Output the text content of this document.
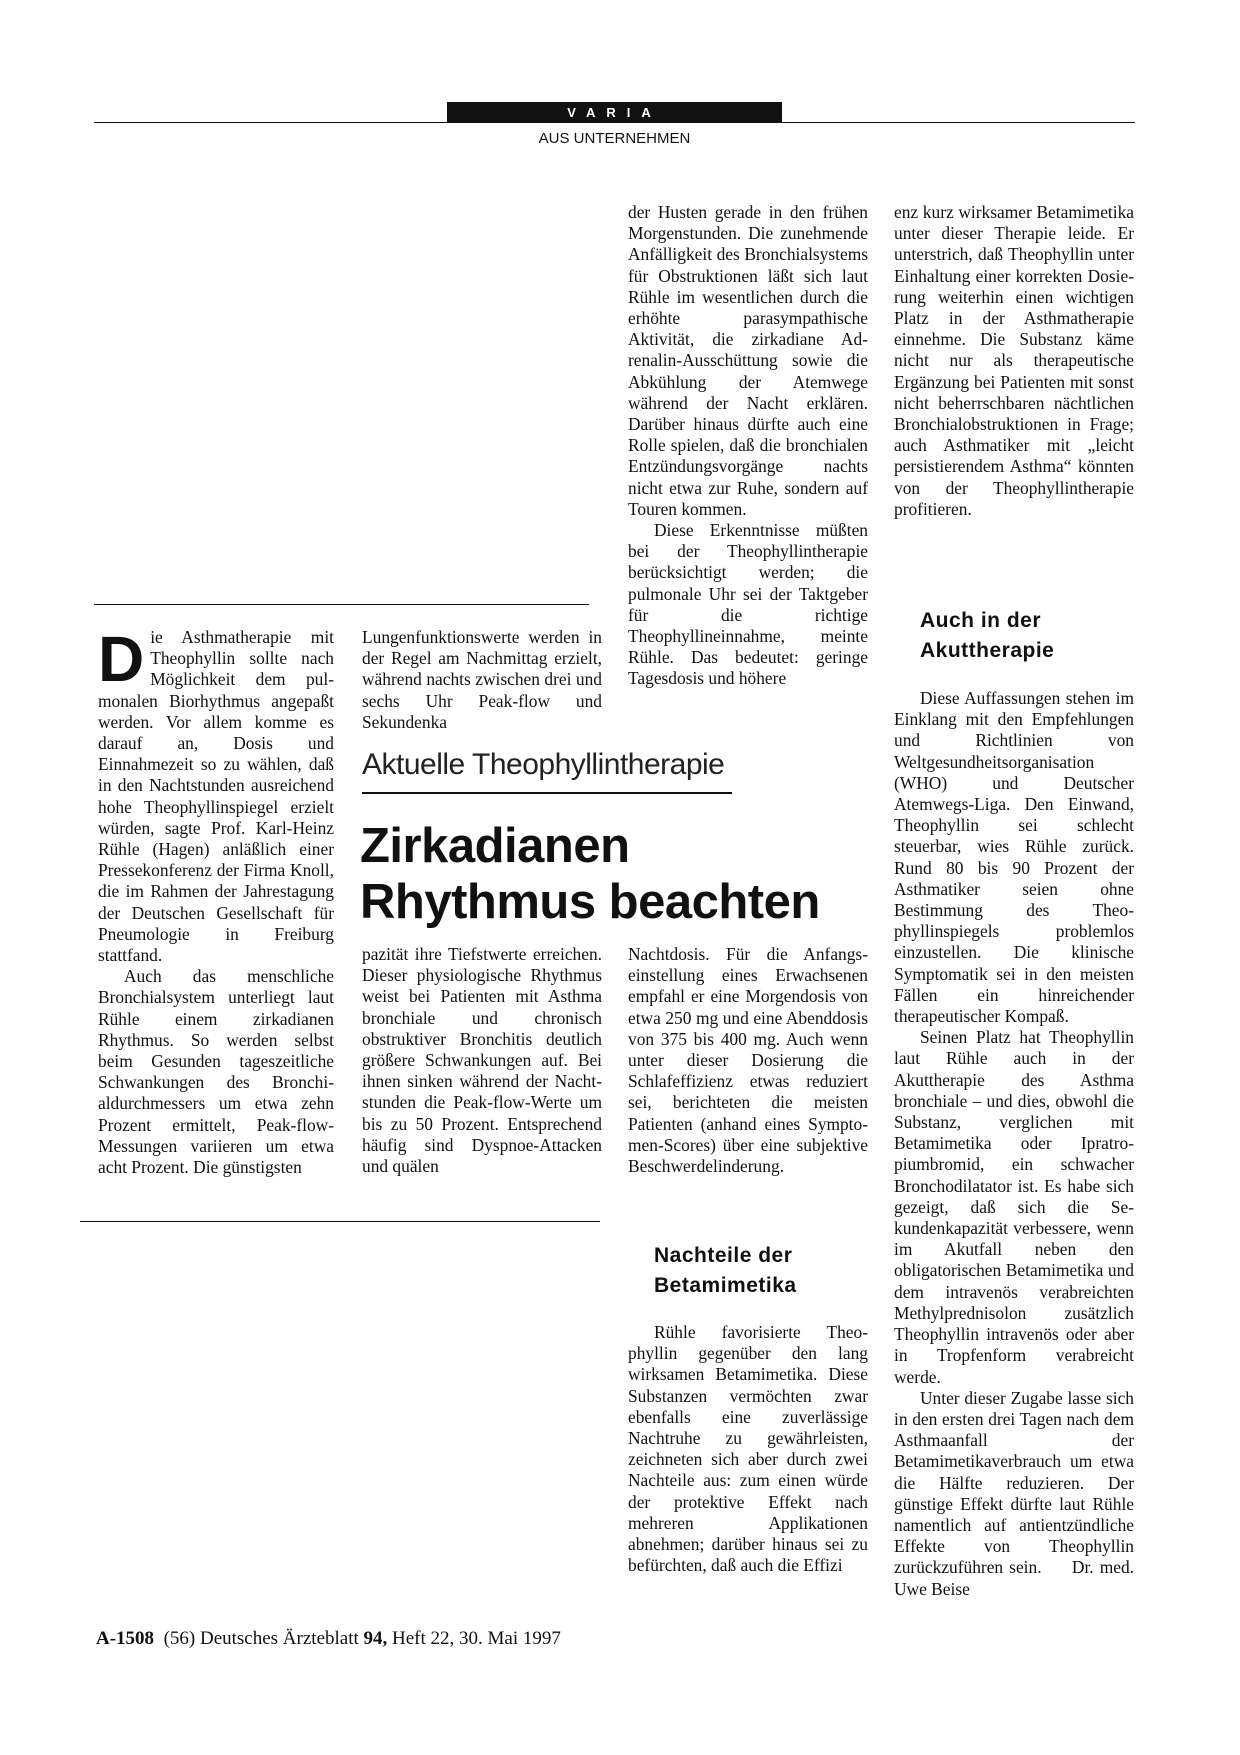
VARIA
AUS UNTERNEHMEN

Die Asthmatherapie mit Theophyllin sollte nach Möglichkeit dem pulmonalen Biorhythmus angepaßt werden. Vor allem komme es darauf an, Dosis und Einnahmezeit so zu wählen, daß in den Nachtstunden ausreichend hohe Theophyllinspiegel erzielt würden, sagte Prof. Karl-Heinz Rühle (Hagen) anläßlich einer Pressekonferenz der Firma Knoll, die im Rahmen der Jahrestagung der Deutschen Gesellschaft für Pneumologie in Freiburg stattfand.

Auch das menschliche Bronchialsystem unterliegt laut Rühle einem zirkadianen Rhythmus. So werden selbst beim Gesunden tageszeitliche Schwankungen des Bronchialdurchmessers um etwa zehn Prozent ermittelt, Peak-flow-Messungen variieren um etwa acht Prozent. Die günstigsten

Lungenfunktionswerte werden in der Regel am Nachmittag erzielt, während nachts zwischen drei und sechs Uhr Peak-flow und Sekundenka

Aktuelle Theophyllintherapie
Zirkadianen
Rhythmus beachten

pazität ihre Tiefstwerte erreichen. Dieser physiologische Rhythmus weist bei Patienten mit Asthma bronchiale und chronisch obstruktiver Bronchitis deutlich größere Schwankungen auf. Bei ihnen sinken während der Nachtstunden die Peak-flow-Werte um bis zu 50 Prozent. Entsprechend häufig sind Dyspnoe-Attacken und quälen

der Husten gerade in den frühen Morgenstunden. Die zunehmende Anfälligkeit des Bronchialsystems für Obstruktionen läßt sich laut Rühle im wesentlichen durch die erhöhte parasympathische Aktivität, die zirkadiane Adrenalin-Ausschüttung sowie die Abkühlung der Atemwege während der Nacht erklären. Darüber hinaus dürfte auch eine Rolle spielen, daß die bronchialen Entzündungsvorgänge nachts nicht etwa zur Ruhe, sondern auf Touren kommen.

Diese Erkenntnisse müßten bei der Theophyllintherapie berücksichtigt werden; die pulmonale Uhr sei der Taktgeber für die richtige Theophyllineinnahme, meinte Rühle. Das bedeutet: geringe Tagesdosis und höhere

Nachtdosis. Für die Anfangseinstellung eines Erwachsenen empfahl er eine Morgendosis von etwa 250 mg und eine Abenddosis von 375 bis 400 mg. Auch wenn unter dieser Dosierung die Schlafeffizienz etwas reduziert sei, berichteten die meisten Patienten (anhand eines Symptomen-Scores) über eine subjektive Beschwerdelinderung.

Nachteile der
Betamimetika

Rühle favorisierte Theophyllin gegenüber den lang wirksamen Betamimetika. Diese Substanzen vermöchten zwar ebenfalls eine zuverlässige Nachtruhe zu gewährleisten, zeichneten sich aber durch zwei Nachteile aus: zum einen würde der protektive Effekt nach mehreren Applikationen abnehmen; darüber hinaus sei zu befürchten, daß auch die Effizi

enz kurz wirksamer Betamimetika unter dieser Therapie leide. Er unterstrich, daß Theophyllin unter Einhaltung einer korrekten Dosierung weiterhin einen wichtigen Platz in der Asthmatherapie einnehme. Die Substanz käme nicht nur als therapeutische Ergänzung bei Patienten mit sonst nicht beherrschbaren nächtlichen Bronchialobstruktionen in Frage; auch Asthmatiker mit „leicht persistierendem Asthma“ könnten von der Theophyllintherapie profitieren.

Auch in der
Akuttherapie

Diese Auffassungen stehen im Einklang mit den Empfehlungen und Richtlinien von Weltgesundheitsorganisation (WHO) und Deutscher Atemwegs-Liga. Den Einwand, Theophyllin sei schlecht steuerbar, wies Rühle zurück. Rund 80 bis 90 Prozent der Asthmatiker seien ohne Bestimmung des Theophyllinspiegels problemlos einzustellen. Die klinische Symptomatik sei in den meisten Fällen ein hinreichender therapeutischer Kompaß.

Seinen Platz hat Theophyllin laut Rühle auch in der Akuttherapie des Asthma bronchiale – und dies, obwohl die Substanz, verglichen mit Betamimetika oder Ipratropiumbromid, ein schwacher Bronchodilatator ist. Es habe sich gezeigt, daß sich die Sekundenkapazität verbessere, wenn im Akutfall neben den obligatorischen Betamimetika und dem intravenös verabreichten Methylprednisolon zusätzlich Theophyllin intravenös oder aber in Tropfenform verabreicht werde.

Unter dieser Zugabe lasse sich in den ersten drei Tagen nach dem Asthmaanfall der Betamimetikaverbrauch um etwa die Hälfte reduzieren. Der günstige Effekt dürfte laut Rühle namentlich auf antientzündliche Effekte von Theophyllin zurückzuführen sein. Dr. med. Uwe Beise

A-1508 (56) Deutsches Ärzteblatt 94, Heft 22, 30. Mai 1997
